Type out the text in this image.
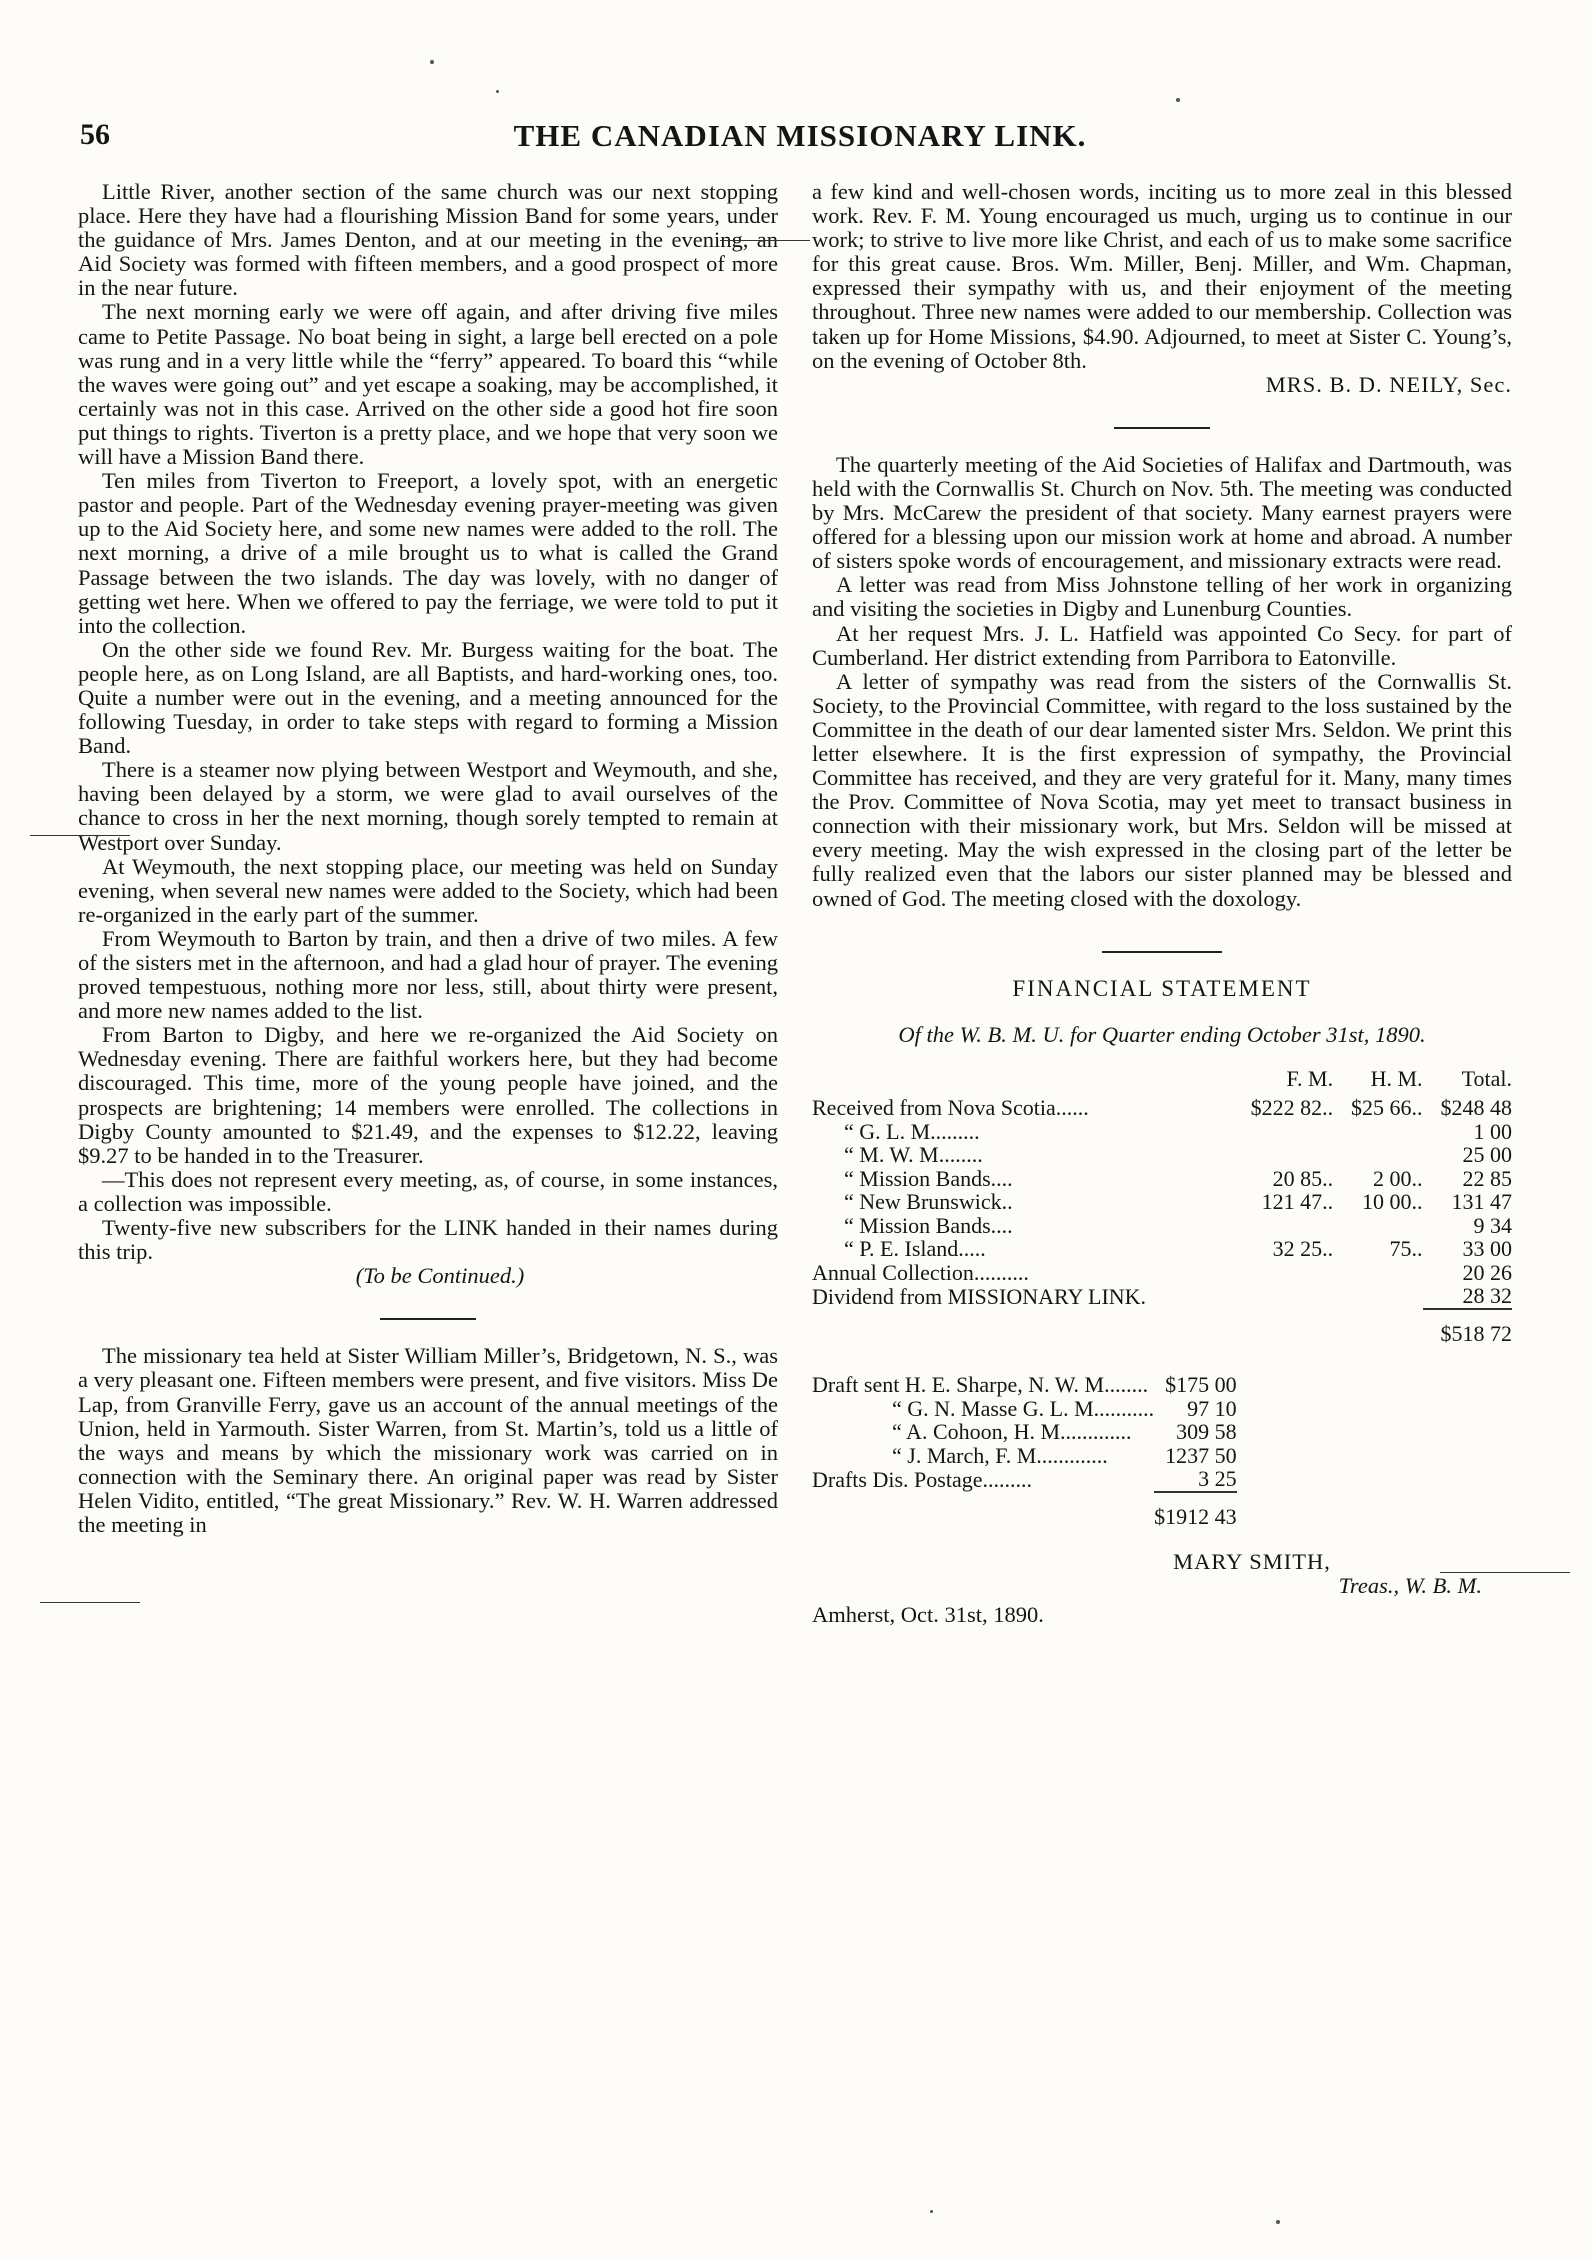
56	THE CANADIAN MISSIONARY LINK.

Little River, another section of the same church was our next stopping place. Here they have had a flourishing Mission Band for some years, under the guidance of Mrs. James Denton, and at our meeting in the evening, an Aid Society was formed with fifteen members, and a good prospect of more in the near future.

The next morning early we were off again, and after driving five miles came to Petite Passage. No boat being in sight, a large bell erected on a pole was rung and in a very little while the “ferry” appeared. To board this “while the waves were going out” and yet escape a soaking, may be accomplished, it certainly was not in this case. Arrived on the other side a good hot fire soon put things to rights. Tiverton is a pretty place, and we hope that very soon we will have a Mission Band there.

Ten miles from Tiverton to Freeport, a lovely spot, with an energetic pastor and people. Part of the Wednesday evening prayer-meeting was given up to the Aid Society here, and some new names were added to the roll. The next morning, a drive of a mile brought us to what is called the Grand Passage between the two islands. The day was lovely, with no danger of getting wet here. When we offered to pay the ferriage, we were told to put it into the collection.

On the other side we found Rev. Mr. Burgess waiting for the boat. The people here, as on Long Island, are all Baptists, and hard-working ones, too. Quite a number were out in the evening, and a meeting announced for the following Tuesday, in order to take steps with regard to forming a Mission Band.

There is a steamer now plying between Westport and Weymouth, and she, having been delayed by a storm, we were glad to avail ourselves of the chance to cross in her the next morning, though sorely tempted to remain at Westport over Sunday.

At Weymouth, the next stopping place, our meeting was held on Sunday evening, when several new names were added to the Society, which had been re-organized in the early part of the summer.

From Weymouth to Barton by train, and then a drive of two miles. A few of the sisters met in the afternoon, and had a glad hour of prayer. The evening proved tempestuous, nothing more nor less, still, about thirty were present, and more new names added to the list.

From Barton to Digby, and here we re-organized the Aid Society on Wednesday evening. There are faithful workers here, but they had become discouraged. This time, more of the young people have joined, and the prospects are brightening; 14 members were enrolled. The collections in Digby County amounted to $21.49, and the expenses to $12.22, leaving $9.27 to be handed in to the Treasurer.

—This does not represent every meeting, as, of course, in some instances, a collection was impossible.

Twenty-five new subscribers for the LINK handed in their names during this trip.

(To be Continued.)

The missionary tea held at Sister William Miller’s, Bridgetown, N. S., was a very pleasant one. Fifteen members were present, and five visitors. Miss De Lap, from Granville Ferry, gave us an account of the annual meetings of the Union, held in Yarmouth. Sister Warren, from St. Martin’s, told us a little of the ways and means by which the missionary work was carried on in connection with the Seminary there. An original paper was read by Sister Helen Vidito, entitled, “The great Missionary.” Rev. W. H. Warren addressed the meeting in

a few kind and well-chosen words, inciting us to more zeal in this blessed work. Rev. F. M. Young encouraged us much, urging us to continue in our work; to strive to live more like Christ, and each of us to make some sacrifice for this great cause. Bros. Wm. Miller, Benj. Miller, and Wm. Chapman, expressed their sympathy with us, and their enjoyment of the meeting throughout. Three new names were added to our membership. Collection was taken up for Home Missions, $4.90. Adjourned, to meet at Sister C. Young’s, on the evening of October 8th.

MRS. B. D. NEILY, Sec.

The quarterly meeting of the Aid Societies of Halifax and Dartmouth, was held with the Cornwallis St. Church on Nov. 5th. The meeting was conducted by Mrs. McCarew the president of that society. Many earnest prayers were offered for a blessing upon our mission work at home and abroad. A number of sisters spoke words of encouragement, and missionary extracts were read.

A letter was read from Miss Johnstone telling of her work in organizing and visiting the societies in Digby and Lunenburg Counties.

At her request Mrs. J. L. Hatfield was appointed Co Secy. for part of Cumberland. Her district extending from Parribora to Eatonville.

A letter of sympathy was read from the sisters of the Cornwallis St. Society, to the Provincial Committee, with regard to the loss sustained by the Committee in the death of our dear lamented sister Mrs. Seldon. We print this letter elsewhere. It is the first expression of sympathy, the Provincial Committee has received, and they are very grateful for it. Many, many times the Prov. Committee of Nova Scotia, may yet meet to transact business in connection with their missionary work, but Mrs. Seldon will be missed at every meeting. May the wish expressed in the closing part of the letter be fully realized even that the labors our sister planned may be blessed and owned of God. The meeting closed with the doxology.

FINANCIAL STATEMENT
Of the W. B. M. U. for Quarter ending October 31st, 1890.
	F. M.	H. M.	Total.
Received from Nova Scotia......	$222 82..	$25 66..	$248 48
“ G. L. M.........			1 00
“ M. W. M........			25 00
“ Mission Bands....	20 85..	2 00..	22 85
“ New Brunswick..	121 47..	10 00..	131 47
“ Mission Bands....			9 34
“ P. E. Island.....	32 25..	75..	33 00
Annual Collection..........			20 26
Dividend from MISSIONARY LINK.			28 32
			$518 72
Draft sent H. E. Sharpe, N. W. M........	$175 00
“ G. N. Masse G. L. M...........	97 10
“ A. Cohoon, H. M.............	309 58
“ J. March, F. M.............	1237 50
Drafts Dis. Postage.........	3 25
	$1912 43
MARY SMITH,
Treas., W. B. M.
Amherst, Oct. 31st, 1890.
